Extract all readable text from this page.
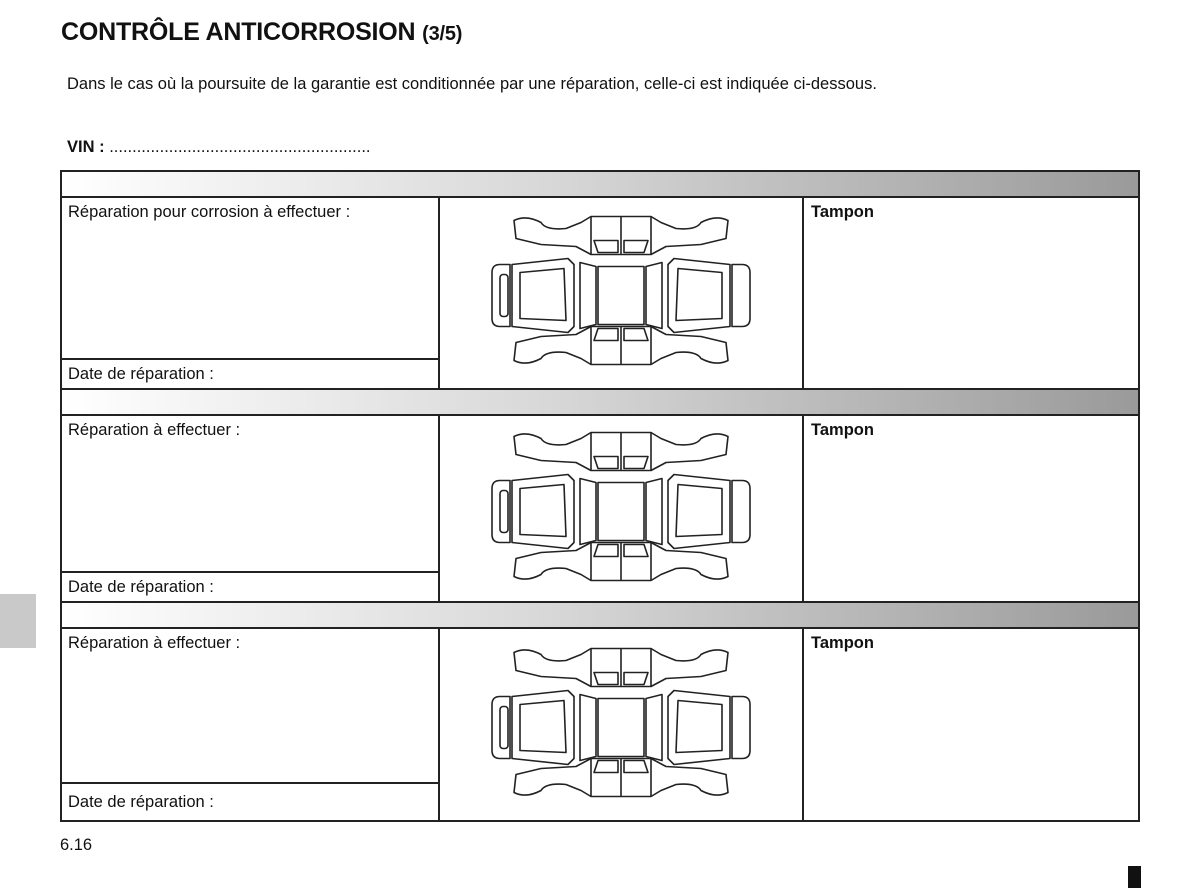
CONTRÔLE ANTICORROSION (3/5)

Dans le cas où la poursuite de la garantie est conditionnée par une réparation, celle-ci est indiquée ci-dessous.

VIN : .........................................................
Réparation pour corrosion à effectuer :
Date de réparation :
Tampon
Réparation à effectuer :
Date de réparation :
Tampon
Réparation à effectuer :
Date de réparation :
Tampon
6.16
